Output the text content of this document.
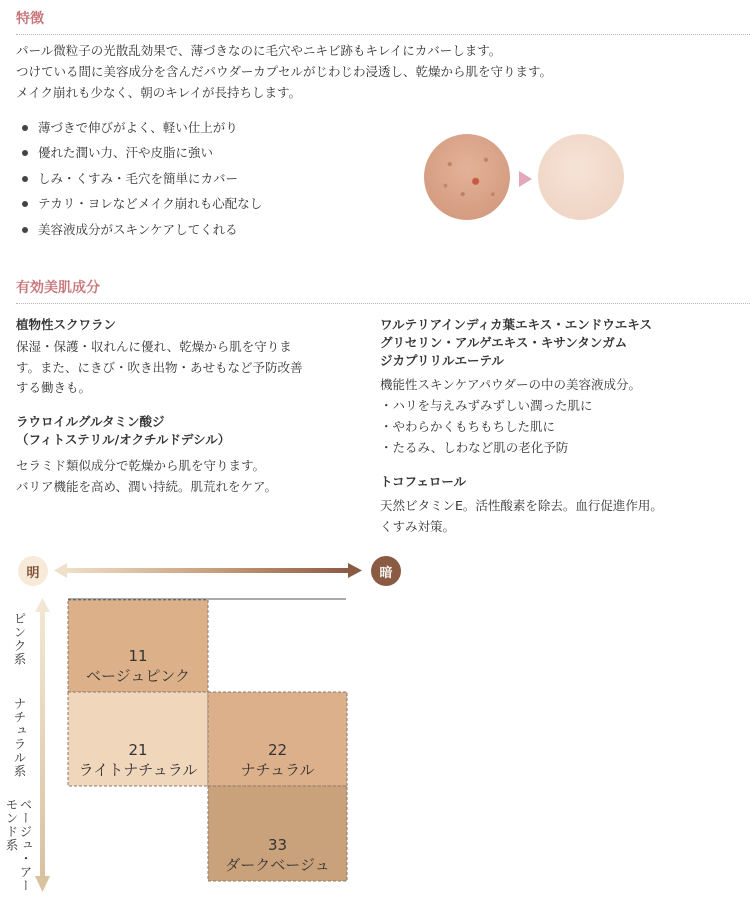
特徴
パール微粒子の光散乱効果で、薄づきなのに毛穴やニキビ跡もキレイにカバーします。
つけている間に美容成分を含んだパウダーカプセルがじわじわ浸透し、乾燥から肌を守ります。
メイク崩れも少なく、朝のキレイが長持ちします。
薄づきで伸びがよく、軽い仕上がり
優れた潤い力、汗や皮脂に強い
しみ・くすみ・毛穴を簡単にカバー
テカリ・ヨレなどメイク崩れも心配なし
美容液成分がスキンケアしてくれる
有効美肌成分
植物性スクワラン
保湿・保護・収れんに優れ、乾燥から肌を守りま
す。また、にきび・吹き出物・あせもなど予防改善
する働きも。
ラウロイルグルタミン酸ジ
（フィトステリル/オクチルドデシル）
セラミド類似成分で乾燥から肌を守ります。
バリア機能を高め、潤い持続。肌荒れをケア。
ワルテリアインディカ葉エキス・エンドウエキス
グリセリン・アルゲエキス・キサンタンガム
ジカプリリルエーテル
機能性スキンケアパウダーの中の美容液成分。
・ハリを与えみずみずしい潤った肌に
・やわらかくもちもちした肌に
・たるみ、しわなど肌の老化予防
トコフェロール
天然ビタミンE。活性酸素を除去。血行促進作用。
くすみ対策。
明	暗
ピンク系
ナチュラル系
ベージュ・アーモンド系
11
ベージュピンク
21
ライトナチュラル
22
ナチュラル
33
ダークベージュ
